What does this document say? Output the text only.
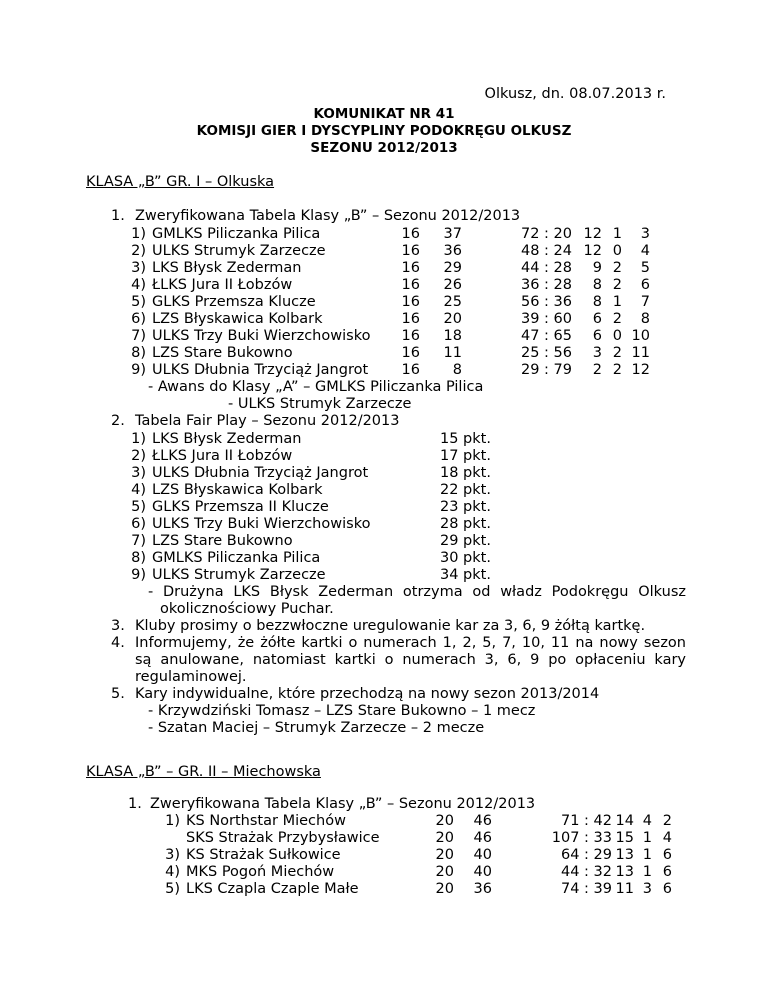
Olkusz, dn. 08.07.2013 r.
KOMUNIKAT NR 41
KOMISJI GIER I DYSCYPLINY PODOKRĘGU OLKUSZ
SEZONU 2012/2013
KLASA „B” GR. I – Olkuska
1. Zweryfikowana Tabela Klasy „B” – Sezonu 2012/2013
1) GMLKS Piliczanka Pilica	16 37	72 : 20 12 1	3
2) ULKS Strumyk Zarzecze	16 36	48 : 24 12 0	4
3) LKS Błysk Zederman	16 29	44 : 28	9 2	5
4) ŁLKS Jura II Łobzów	16 26	36 : 28	8 2	6
5) GLKS Przemsza Klucze	16 25	56 : 36	8 1	7
6) LZS Błyskawica Kolbark	16 20	39 : 60	6 2	8
7) ULKS Trzy Buki Wierzchowisko	16 18	47 : 65	6 0 10
8) LZS Stare Bukowno	16 11	25 : 56	3 2 11
9) ULKS Dłubnia Trzyciąż Jangrot	16	8	29 : 79	2 2 12
- Awans do Klasy „A” – GMLKS Piliczanka Pilica
- ULKS Strumyk Zarzecze
2. Tabela Fair Play – Sezonu 2012/2013
1) LKS Błysk Zederman	15 pkt.
2) ŁLKS Jura II Łobzów	17 pkt.
3) ULKS Dłubnia Trzyciąż Jangrot	18 pkt.
4) LZS Błyskawica Kolbark	22 pkt.
5) GLKS Przemsza II Klucze	23 pkt.
6) ULKS Trzy Buki Wierzchowisko	28 pkt.
7) LZS Stare Bukowno	29 pkt.
8) GMLKS Piliczanka Pilica	30 pkt.
9) ULKS Strumyk Zarzecze	34 pkt.
- Drużyna LKS Błysk Zederman otrzyma od władz Podokręgu Olkusz
okolicznościowy Puchar.
3. Kluby prosimy o bezzwłoczne uregulowanie kar za 3, 6, 9 żółtą kartkę.
4. Informujemy, że żółte kartki o numerach 1, 2, 5, 7, 10, 11 na nowy sezon
są anulowane, natomiast kartki o numerach 3, 6, 9 po opłaceniu kary
regulaminowej.
5. Kary indywidualne, które przechodzą na nowy sezon 2013/2014
- Krzywdziński Tomasz – LZS Stare Bukowno – 1 mecz
- Szatan Maciej – Strumyk Zarzecze – 2 mecze
KLASA „B” – GR. II – Miechowska
1. Zweryfikowana Tabela Klasy „B” – Sezonu 2012/2013
1) KS Northstar Miechów	20 46	71 : 42 14 4 2
SKS Strażak Przybysławice	20 46	107 : 33 15 1 4
3) KS Strażak Sułkowice	20 40	64 : 29 13 1 6
4) MKS Pogoń Miechów	20 40	44 : 32 13 1 6
5) LKS Czapla Czaple Małe	20 36	74 : 39 11 3 6
